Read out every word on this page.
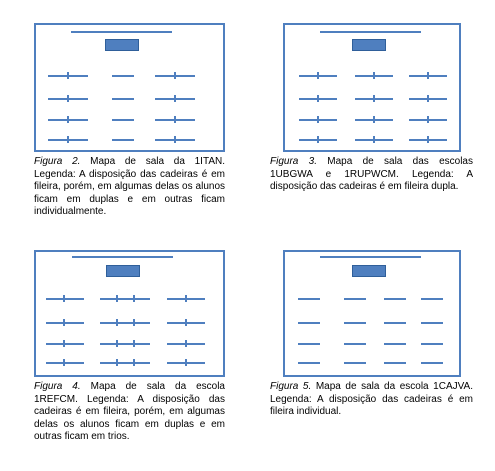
Figura 2. Mapa de sala da 1ITAN. Legenda: A disposição das cadeiras é em fileira, porém, em algumas delas os alunos ficam em duplas e em outras ficam individualmente.
Figura 3. Mapa de sala das escolas 1UBGWA e 1RUPWCM. Legenda: A disposição das cadeiras é em fileira dupla.
Figura 4. Mapa de sala da escola 1REFCM. Legenda: A disposição das cadeiras é em fileira, porém, em algumas delas os alunos ficam em duplas e em outras ficam em trios.
Figura 5. Mapa de sala da escola 1CAJVA. Legenda: A disposição das cadeiras é em fileira individual.
